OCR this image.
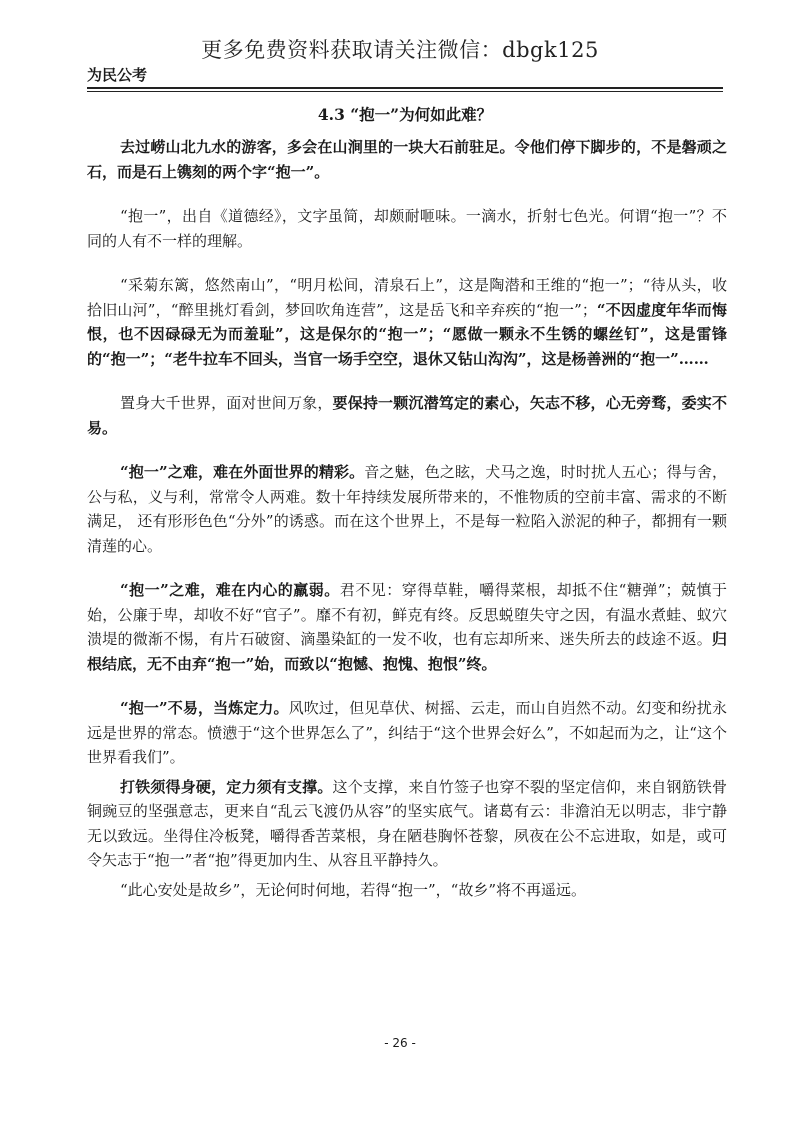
更多免费资料获取请关注微信：dbgk125
为民公考
4.3 “抱一”为何如此难？

去过崂山北九水的游客，多会在山涧里的一块大石前驻足。令他们停下脚步的，不是磐顽之石，而是石上镌刻的两个字“抱一”。

“抱一”，出自《道德经》，文字虽简，却颇耐咂味。一滴水，折射七色光。何谓“抱一”？不同的人有不一样的理解。

“采菊东篱，悠然南山”，“明月松间，清泉石上”，这是陶潜和王维的“抱一”；“待从头，收拾旧山河”，“醉里挑灯看剑，梦回吹角连营”，这是岳飞和辛弃疾的“抱一”；“不因虚度年华而悔恨，也不因碌碌无为而羞耻”，这是保尔的“抱一”；“愿做一颗永不生锈的螺丝钉”，这是雷锋的“抱一”；“老牛拉车不回头，当官一场手空空，退休又钻山沟沟”，这是杨善洲的“抱一”……

置身大千世界，面对世间万象，要保持一颗沉潜笃定的素心，矢志不移，心无旁骛，委实不易。

“抱一”之难，难在外面世界的精彩。音之魅，色之眩，犬马之逸，时时扰人五心；得与舍，公与私，义与利，常常令人两难。数十年持续发展所带来的，不惟物质的空前丰富、需求的不断满足， 还有形形色色“分外”的诱惑。而在这个世界上，不是每一粒陷入淤泥的种子，都拥有一颗清莲的心。

“抱一”之难，难在内心的羸弱。君不见：穿得草鞋，嚼得菜根，却抵不住“糖弹”；兢慎于始，公廉于卑，却收不好“官子”。靡不有初，鲜克有终。反思蜕堕失守之因，有温水煮蛙、蚁穴溃堤的微渐不惕，有片石破窗、滴墨染缸的一发不收，也有忘却所来、迷失所去的歧途不返。归根结底，无不由弃“抱一”始，而致以“抱憾、抱愧、抱恨”终。

“抱一”不易，当炼定力。风吹过，但见草伏、树摇、云走，而山自岿然不动。幻变和纷扰永远是世界的常态。愤懑于“这个世界怎么了”，纠结于“这个世界会好么”，不如起而为之，让“这个世界看我们”。

打铁须得身硬，定力须有支撑。这个支撑，来自竹签子也穿不裂的坚定信仰，来自钢筋铁骨铜豌豆的坚强意志，更来自“乱云飞渡仍从容”的坚实底气。诸葛有云：非澹泊无以明志，非宁静无以致远。坐得住冷板凳，嚼得香苦菜根，身在陋巷胸怀苍黎，夙夜在公不忘进取，如是，或可令矢志于“抱一”者“抱”得更加内生、从容且平静持久。

“此心安处是故乡”，无论何时何地，若得“抱一”，“故乡”将不再遥远。

- 26 -
